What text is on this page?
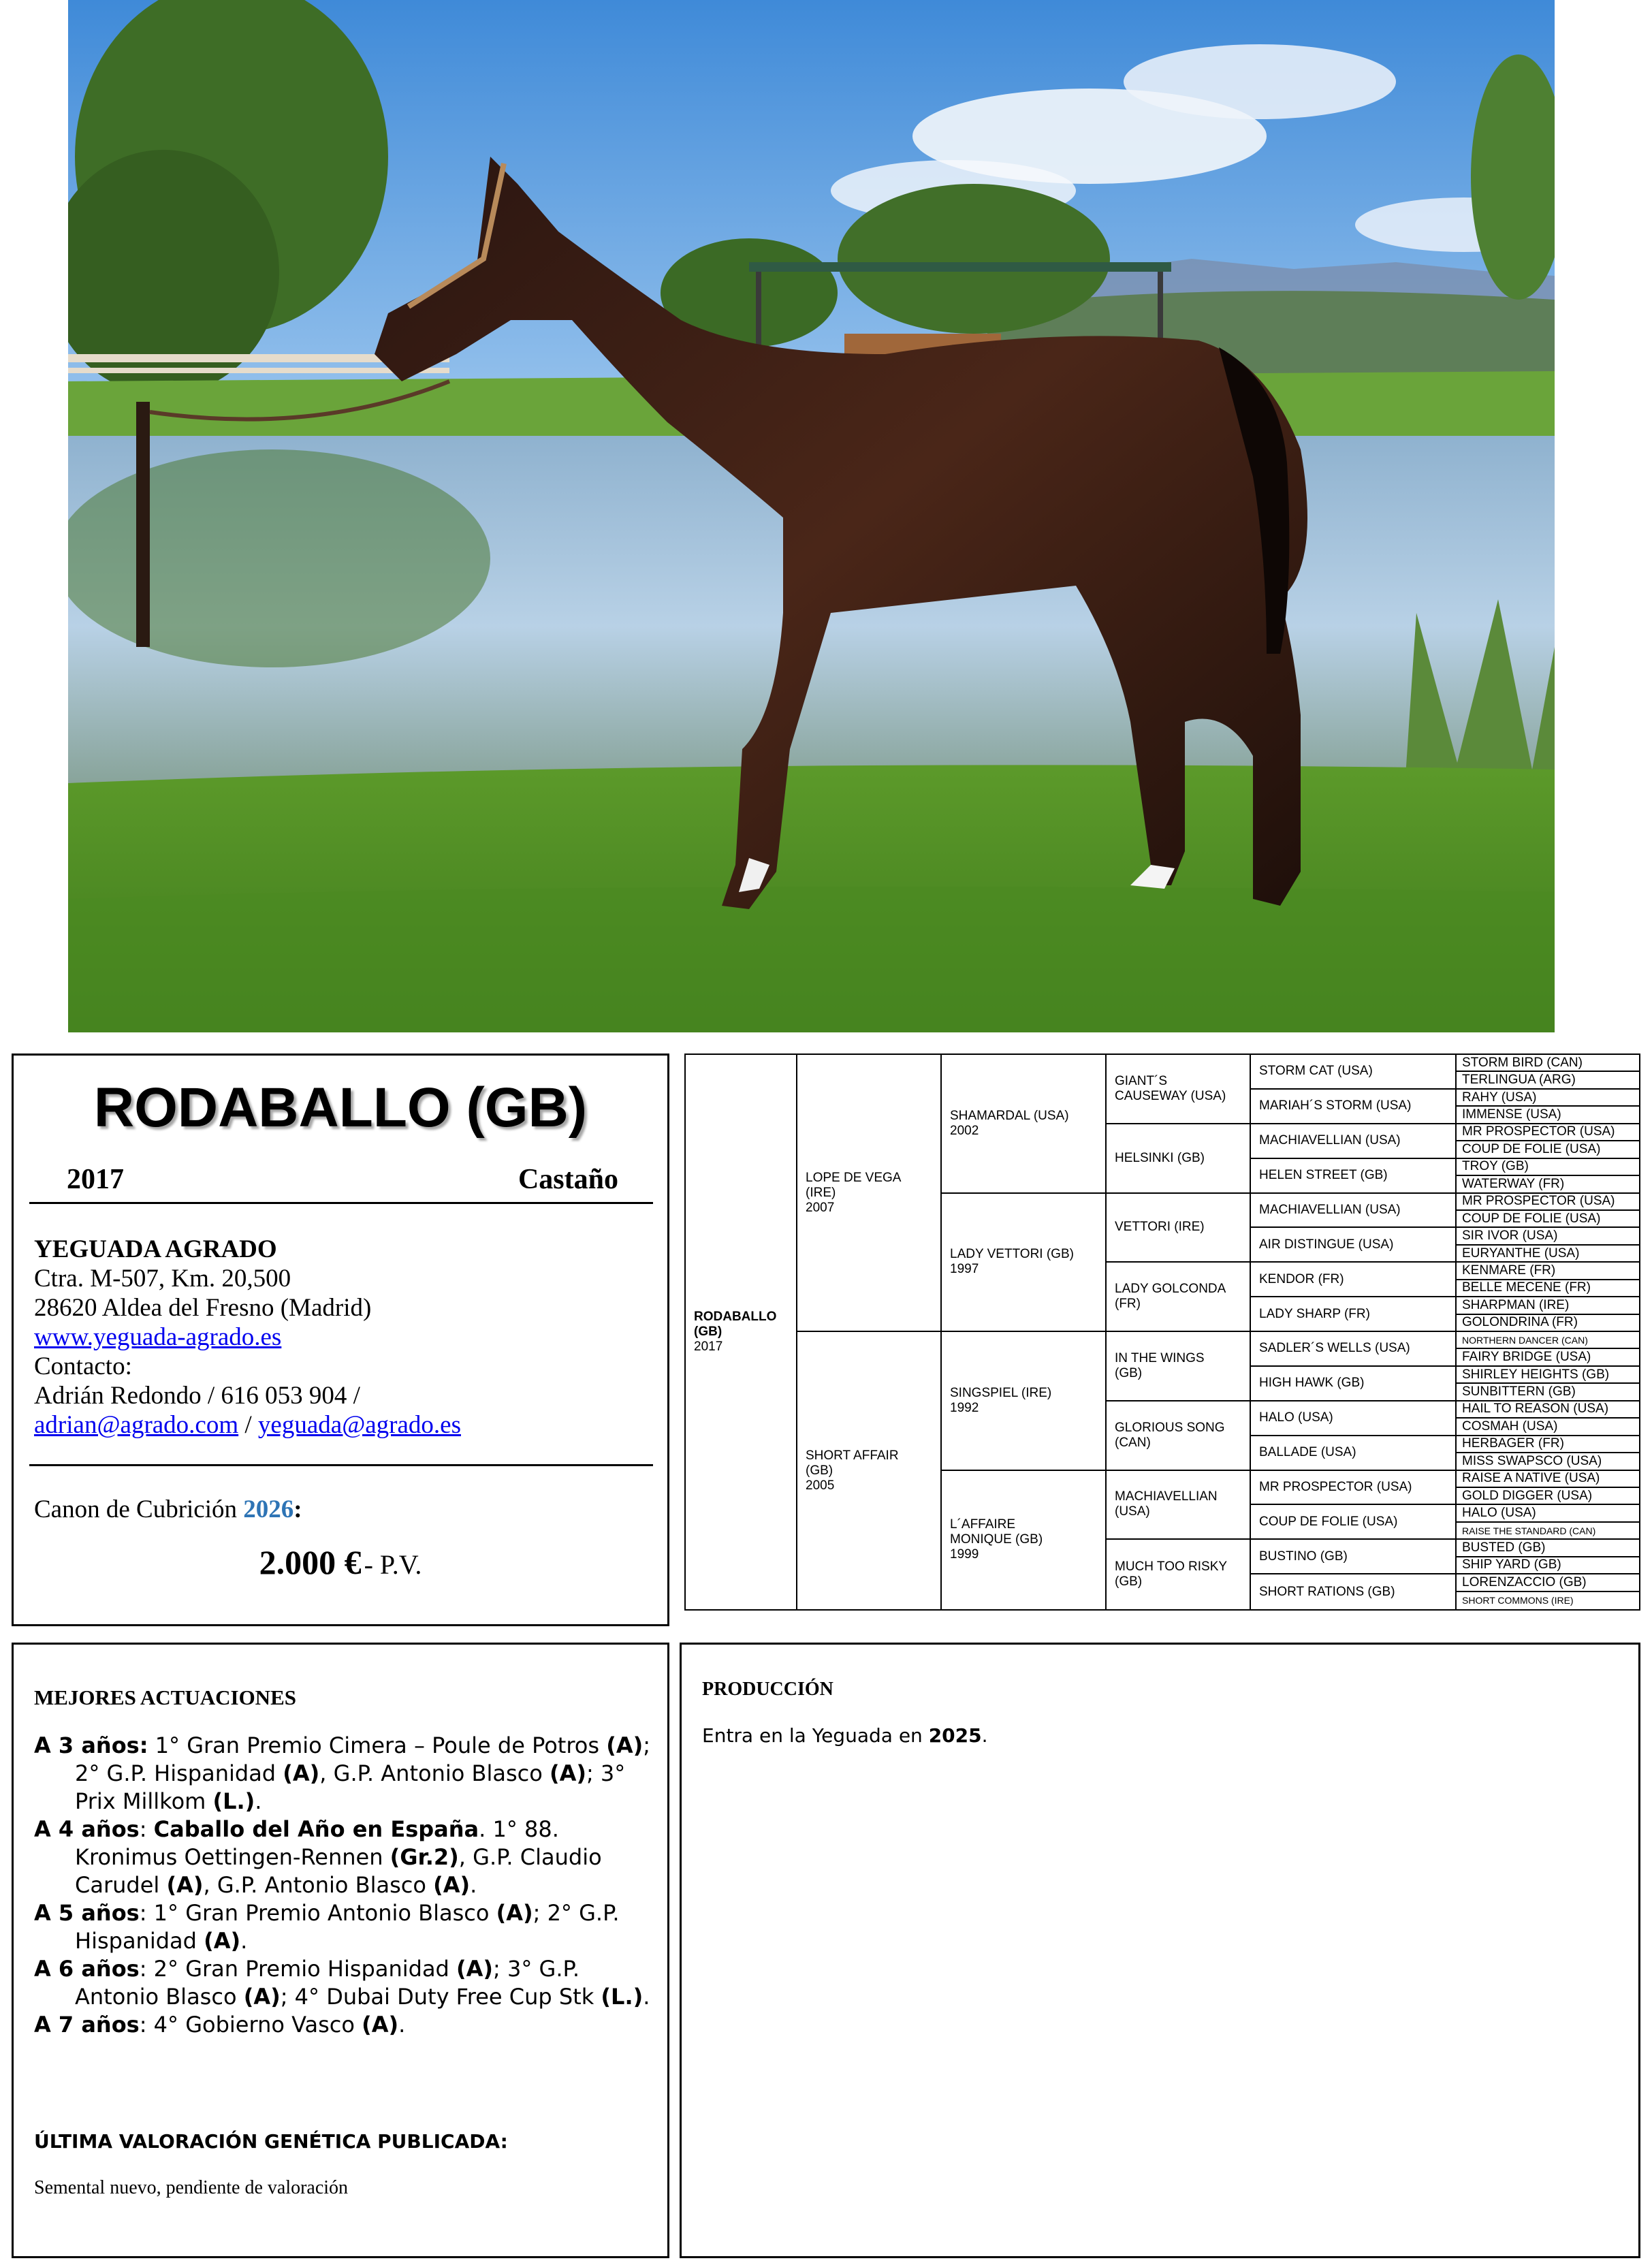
RODABALLO (GB)
2017	Castaño
YEGUADA AGRADO
Ctra. M-507, Km. 20,500
28620 Aldea del Fresno (Madrid)
www.yeguada-agrado.es
Contacto:
Adrián Redondo / 616 053 904 /
adrian@agrado.com / yeguada@agrado.es
Canon de Cubrición 2026:
2.000 € - P.V.
RODABALLO
(GB)
2017
LOPE DE VEGA
(IRE)
2007
SHORT AFFAIR
(GB)
2005
SHAMARDAL (USA)
2002
LADY VETTORI (GB)
1997
SINGSPIEL (IRE)
1992
L´AFFAIRE
MONIQUE (GB)
1999
GIANT´S
CAUSEWAY (USA)
HELSINKI (GB)
VETTORI (IRE)
LADY GOLCONDA
(FR)
IN THE WINGS
(GB)
GLORIOUS SONG
(CAN)
MACHIAVELLIAN
(USA)
MUCH TOO RISKY
(GB)
STORM CAT (USA)
MARIAH´S STORM (USA)
MACHIAVELLIAN (USA)
HELEN STREET (GB)
MACHIAVELLIAN (USA)
AIR DISTINGUE (USA)
KENDOR (FR)
LADY SHARP (FR)
SADLER´S WELLS (USA)
HIGH HAWK (GB)
HALO (USA)
BALLADE (USA)
MR PROSPECTOR (USA)
COUP DE FOLIE (USA)
BUSTINO (GB)
SHORT RATIONS (GB)
STORM BIRD (CAN)
TERLINGUA (ARG)
RAHY (USA)
IMMENSE (USA)
MR PROSPECTOR (USA)
COUP DE FOLIE (USA)
TROY (GB)
WATERWAY (FR)
MR PROSPECTOR (USA)
COUP DE FOLIE (USA)
SIR IVOR (USA)
EURYANTHE (USA)
KENMARE (FR)
BELLE MECENE (FR)
SHARPMAN (IRE)
GOLONDRINA (FR)
NORTHERN DANCER (CAN)
FAIRY BRIDGE (USA)
SHIRLEY HEIGHTS (GB)
SUNBITTERN (GB)
HAIL TO REASON (USA)
COSMAH (USA)
HERBAGER (FR)
MISS SWAPSCO (USA)
RAISE A NATIVE (USA)
GOLD DIGGER (USA)
HALO (USA)
RAISE THE STANDARD (CAN)
BUSTED (GB)
SHIP YARD (GB)
LORENZACCIO (GB)
SHORT COMMONS (IRE)
MEJORES ACTUACIONES
A 3 años: 1° Gran Premio Cimera – Poule de Potros (A); 2° G.P. Hispanidad (A), G.P. Antonio Blasco (A); 3° Prix Millkom (L.).
A 4 años: Caballo del Año en España. 1° 88. Kronimus Oettingen-Rennen (Gr.2), G.P. Claudio Carudel (A), G.P. Antonio Blasco (A).
A 5 años: 1° Gran Premio Antonio Blasco (A); 2° G.P. Hispanidad (A).
A 6 años: 2° Gran Premio Hispanidad (A); 3° G.P. Antonio Blasco (A); 4° Dubai Duty Free Cup Stk (L.).
A 7 años: 4° Gobierno Vasco (A).
ÚLTIMA VALORACIÓN GENÉTICA PUBLICADA:
Semental nuevo, pendiente de valoración
PRODUCCIÓN
Entra en la Yeguada en 2025.
